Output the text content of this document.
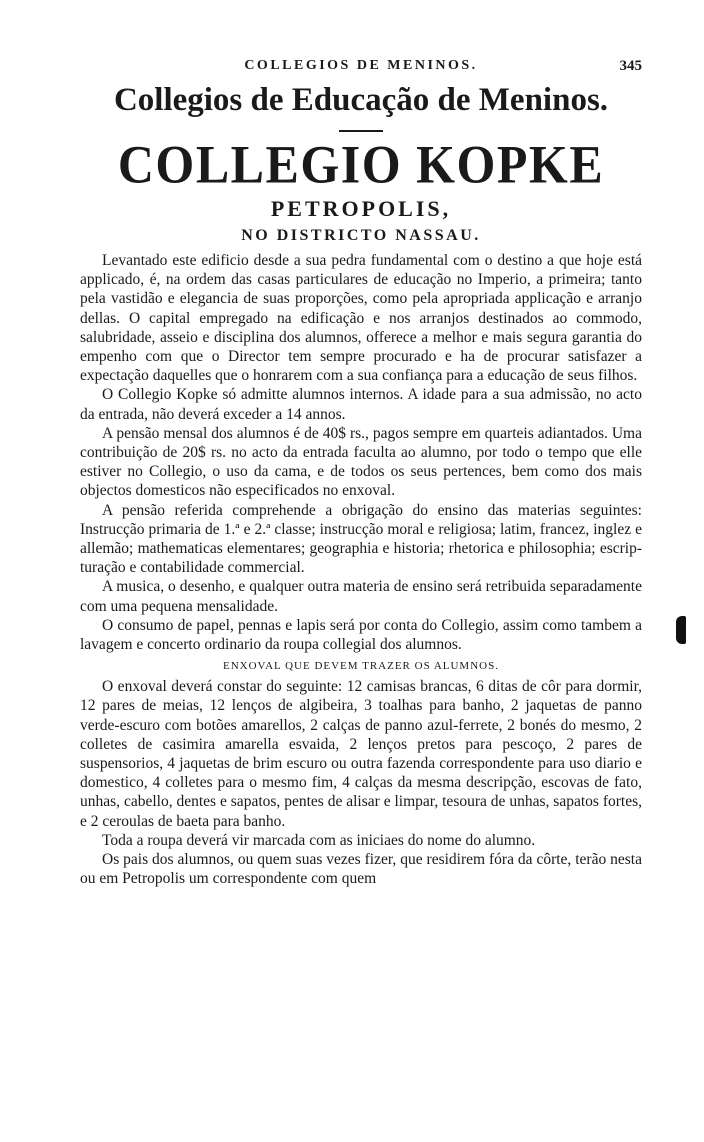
COLLEGIOS DE MENINOS.	345
Collegios de Educação de Meninos.
COLLEGIO KOPKE
PETROPOLIS,
NO DISTRICTO NASSAU.

Levantado este edificio desde a sua pedra fundamental com o destino a que hoje está applicado, é, na ordem das casas particulares de educação no Imperio, a primeira; tanto pela vastidão e elegancia de suas proporções, como pela apropriada applicação e arranjo dellas. O capital empregado na edificação e nos arranjos destinados ao commodo, salubridade, asseio e disciplina dos alumnos, offerece a melhor e mais segura garantia do empenho com que o Director tem sempre procurado e ha de procurar satisfazer a expectação daquelles que o honrarem com a sua confiança para a educação de seus filhos.

O Collegio Kopke só admitte alumnos internos. A idade para a sua admissão, no acto da entrada, não deverá exceder a 14 annos.

A pensão mensal dos alumnos é de 40$ rs., pagos sempre em quarteis adiantados. Uma contribuição de 20$ rs. no acto da entrada faculta ao alumno, por todo o tempo que elle estiver no Collegio, o uso da cama, e de todos os seus pertences, bem como dos mais objectos domesticos não especificados no enxoval.

A pensão referida comprehende a obrigação do ensino das materias seguintes: Instrucção primaria de 1.ª e 2.ª classe; instrucção moral e religiosa; latim, francez, inglez e allemão; mathematicas elementares; geographia e historia; rhetorica e philosophia; escripturação e contabilidade commercial.

A musica, o desenho, e qualquer outra materia de ensino será retribuida separadamente com uma pequena mensalidade.

O consumo de papel, pennas e lapis será por conta do Collegio, assim como tambem a lavagem e concerto ordinario da roupa collegial dos alumnos.

ENXOVAL QUE DEVEM TRAZER OS ALUMNOS.

O enxoval deverá constar do seguinte: 12 camisas brancas, 6 ditas de côr para dormir, 12 pares de meias, 12 lenços de algibeira, 3 toalhas para banho, 2 jaquetas de panno verde-escuro com botões amarellos, 2 calças de panno azul-ferrete, 2 bonés do mesmo, 2 colletes de casimira amarella esvaida, 2 lenços pretos para pescoço, 2 pares de suspensorios, 4 jaquetas de brim escuro ou outra fazenda correspondente para uso diario e domestico, 4 colletes para o mesmo fim, 4 calças da mesma descripção, escovas de fato, unhas, cabello, dentes e sapatos, pentes de alisar e limpar, tesoura de unhas, sapatos fortes, e 2 ceroulas de baeta para banho.

Toda a roupa deverá vir marcada com as iniciaes do nome do alumno.

Os pais dos alumnos, ou quem suas vezes fizer, que residirem fóra da côrte, terão nesta ou em Petropolis um correspondente com quem
